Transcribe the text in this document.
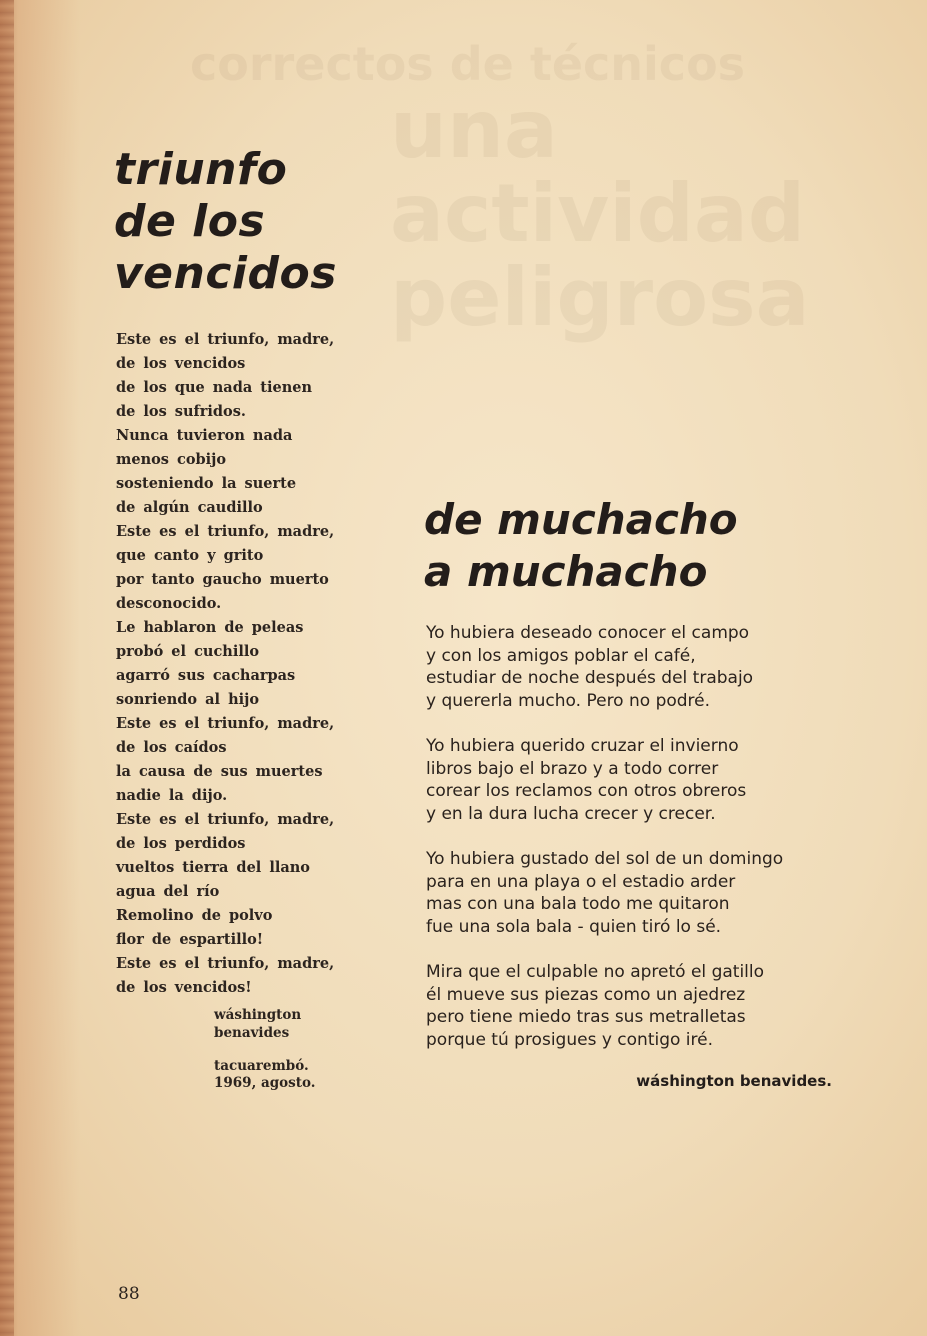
correctos de técnicos
una actividad
peligrosa
triunfo
de los
vencidos
Este es el triunfo, madre,
de los vencidos
de los que nada tienen
de los sufridos.
Nunca tuvieron nada
menos cobijo
sosteniendo la suerte
de algún caudillo
Este es el triunfo, madre,
que canto y grito
por tanto gaucho muerto
desconocido.
Le hablaron de peleas
probó el cuchillo
agarró sus cacharpas
sonriendo al hijo
Este es el triunfo, madre,
de los caídos
la causa de sus muertes
nadie la dijo.
Este es el triunfo, madre,
de los perdidos
vueltos tierra del llano
agua del río
Remolino de polvo
flor de espartillo!
Este es el triunfo, madre,
de los vencidos!
wáshington
benavides
tacuarembó.
1969, agosto.
de muchacho
a muchacho
Yo hubiera deseado conocer el campo
y con los amigos poblar el café,
estudiar de noche después del trabajo
y quererla mucho. Pero no podré.
Yo hubiera querido cruzar el invierno
libros bajo el brazo y a todo correr
corear los reclamos con otros obreros
y en la dura lucha crecer y crecer.
Yo hubiera gustado del sol de un domingo
para en una playa o el estadio arder
mas con una bala todo me quitaron
fue una sola bala - quien tiró lo sé.
Mira que el culpable no apretó el gatillo
él mueve sus piezas como un ajedrez
pero tiene miedo tras sus metralletas
porque tú prosigues y contigo iré.
wáshington benavides.
88
